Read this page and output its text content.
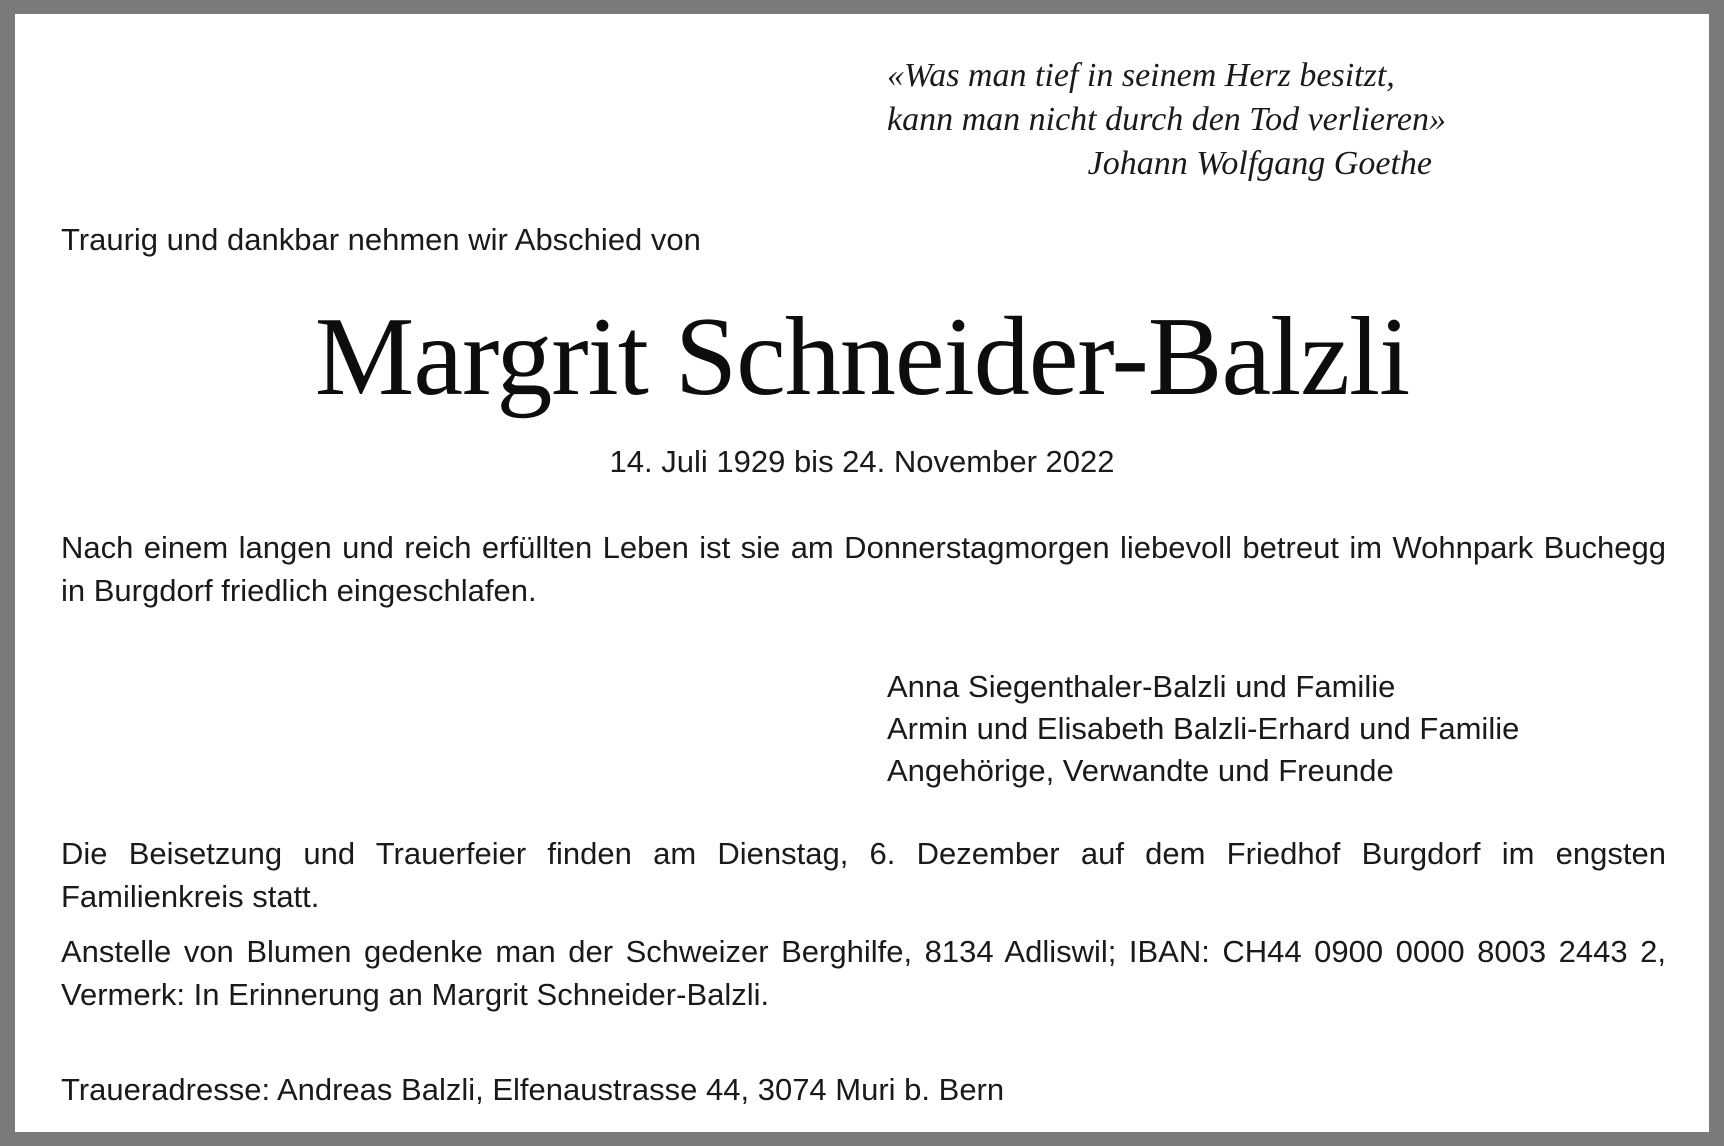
«Was man tief in seinem Herz besitzt,
kann man nicht durch den Tod verlieren»
Johann Wolfgang Goethe
Traurig und dankbar nehmen wir Abschied von
Margrit Schneider-Balzli
14. Juli 1929 bis 24. November 2022
Nach einem langen und reich erfüllten Leben ist sie am Donnerstagmorgen liebevoll betreut im Wohnpark Buchegg in Burgdorf friedlich eingeschlafen.
Anna Siegenthaler-Balzli und Familie
Armin und Elisabeth Balzli-Erhard und Familie
Angehörige, Verwandte und Freunde
Die Beisetzung und Trauerfeier finden am Dienstag, 6. Dezember auf dem Friedhof Burgdorf im engsten Familienkreis statt.
Anstelle von Blumen gedenke man der Schweizer Berghilfe, 8134 Adliswil; IBAN: CH44 0900 0000 8003 2443 2, Vermerk: In Erinnerung an Margrit Schneider-Balzli.
Traueradresse: Andreas Balzli, Elfenaustrasse 44, 3074 Muri b. Bern
